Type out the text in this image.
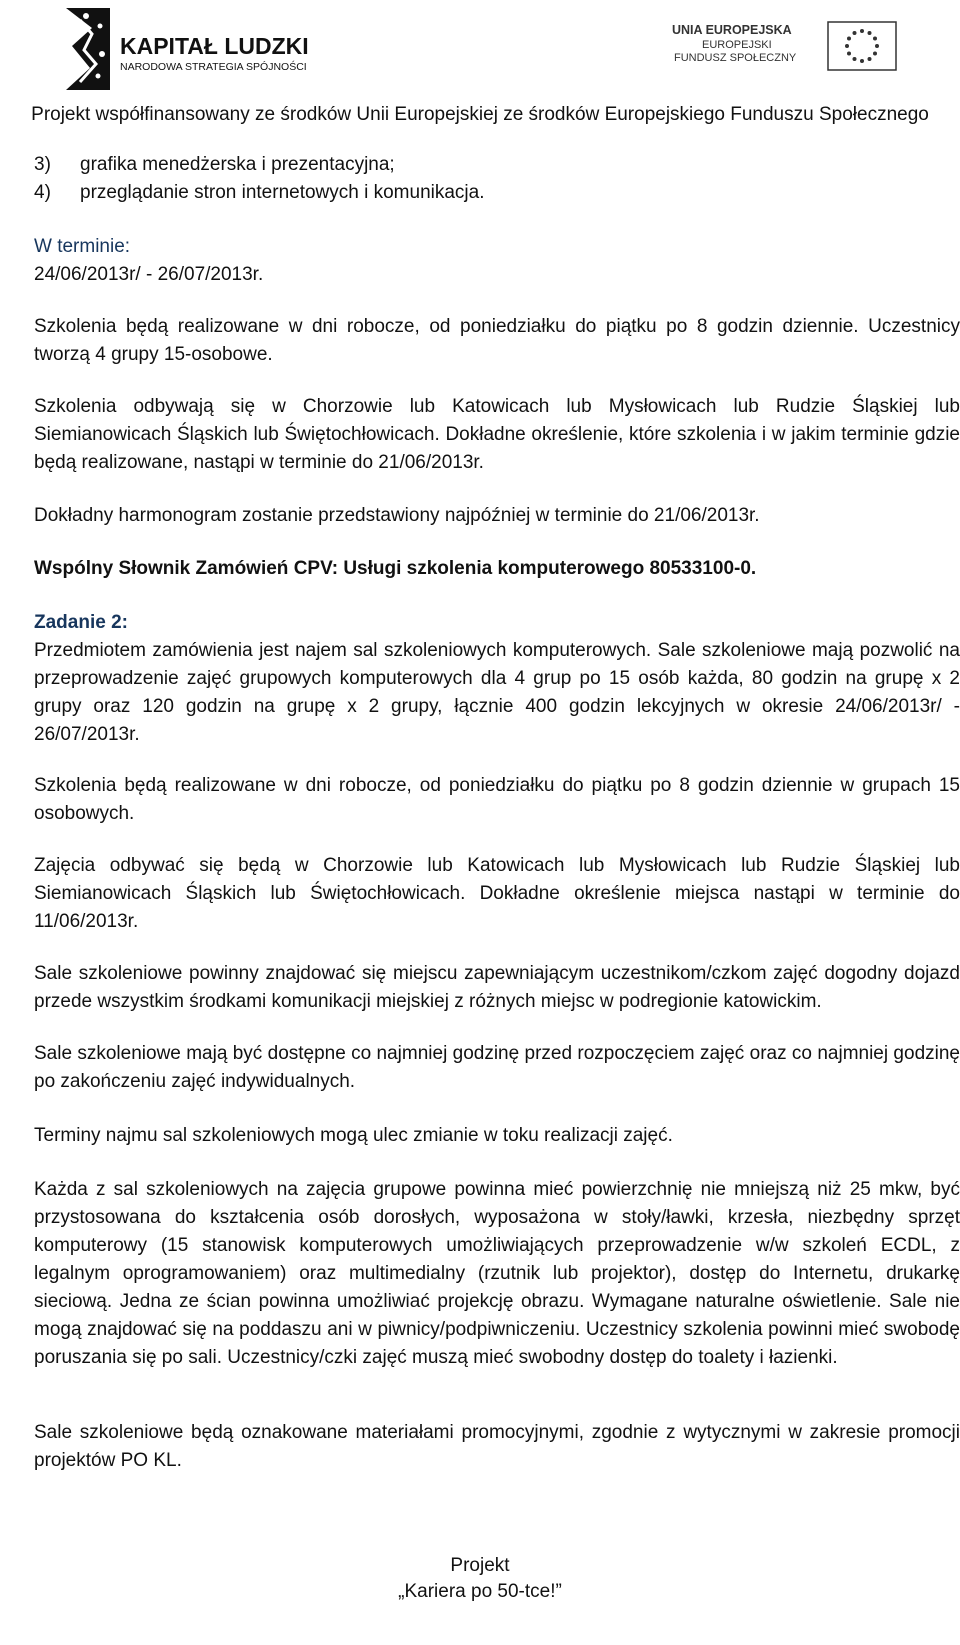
KAPITAŁ LUDZKI
NARODOWA STRATEGIA SPÓJNOŚCI
UNIA EUROPEJSKA
EUROPEJSKI
FUNDUSZ SPOŁECZNY
Projekt współfinansowany ze środków Unii Europejskiej ze środków Europejskiego Funduszu Społecznego
3) grafika menedżerska i prezentacyjna;
4) przeglądanie stron internetowych i komunikacja.
W terminie:
24/06/2013r/ - 26/07/2013r.

Szkolenia będą realizowane w dni robocze, od poniedziałku do piątku po 8 godzin dziennie. Uczestnicy tworzą 4 grupy 15-osobowe.

Szkolenia odbywają się w Chorzowie lub Katowicach lub Mysłowicach lub Rudzie Śląskiej lub Siemianowicach Śląskich lub Świętochłowicach. Dokładne określenie, które szkolenia i w jakim terminie gdzie będą realizowane, nastąpi w terminie do 21/06/2013r.

Dokładny harmonogram zostanie przedstawiony najpóźniej w terminie do 21/06/2013r.
Wspólny Słownik Zamówień CPV: Usługi szkolenia komputerowego 80533100-0.
Zadanie 2:

Przedmiotem zamówienia jest najem sal szkoleniowych komputerowych. Sale szkoleniowe mają pozwolić na przeprowadzenie zajęć grupowych komputerowych dla 4 grup po 15 osób każda, 80 godzin na grupę x 2 grupy oraz 120 godzin na grupę x 2 grupy, łącznie 400 godzin lekcyjnych w okresie 24/06/2013r/ - 26/07/2013r.

Szkolenia będą realizowane w dni robocze, od poniedziałku do piątku po 8 godzin dziennie w grupach 15 osobowych.

Zajęcia odbywać się będą w Chorzowie lub Katowicach lub Mysłowicach lub Rudzie Śląskiej lub Siemianowicach Śląskich lub Świętochłowicach. Dokładne określenie miejsca nastąpi w terminie do 11/06/2013r.

Sale szkoleniowe powinny znajdować się miejscu zapewniającym uczestnikom/czkom zajęć dogodny dojazd przede wszystkim środkami komunikacji miejskiej z różnych miejsc w podregionie katowickim.

Sale szkoleniowe mają być dostępne co najmniej godzinę przed rozpoczęciem zajęć oraz co najmniej godzinę po zakończeniu zajęć indywidualnych.

Terminy najmu sal szkoleniowych mogą ulec zmianie w toku realizacji zajęć.

Każda z sal szkoleniowych na zajęcia grupowe powinna mieć powierzchnię nie mniejszą niż 25 mkw, być przystosowana do kształcenia osób dorosłych, wyposażona w stoły/ławki, krzesła, niezbędny sprzęt komputerowy (15 stanowisk komputerowych umożliwiających przeprowadzenie w/w szkoleń ECDL, z legalnym oprogramowaniem) oraz multimedialny (rzutnik lub projektor), dostęp do Internetu, drukarkę sieciową. Jedna ze ścian powinna umożliwiać projekcję obrazu. Wymagane naturalne oświetlenie. Sale nie mogą znajdować się na poddaszu ani w piwnicy/podpiwniczeniu. Uczestnicy szkolenia powinni mieć swobodę poruszania się po sali. Uczestnicy/czki zajęć muszą mieć swobodny dostęp do toalety i łazienki.

Sale szkoleniowe będą oznakowane materiałami promocyjnymi, zgodnie z wytycznymi w zakresie promocji projektów PO KL.

Projekt
„Kariera po 50-tce!”
